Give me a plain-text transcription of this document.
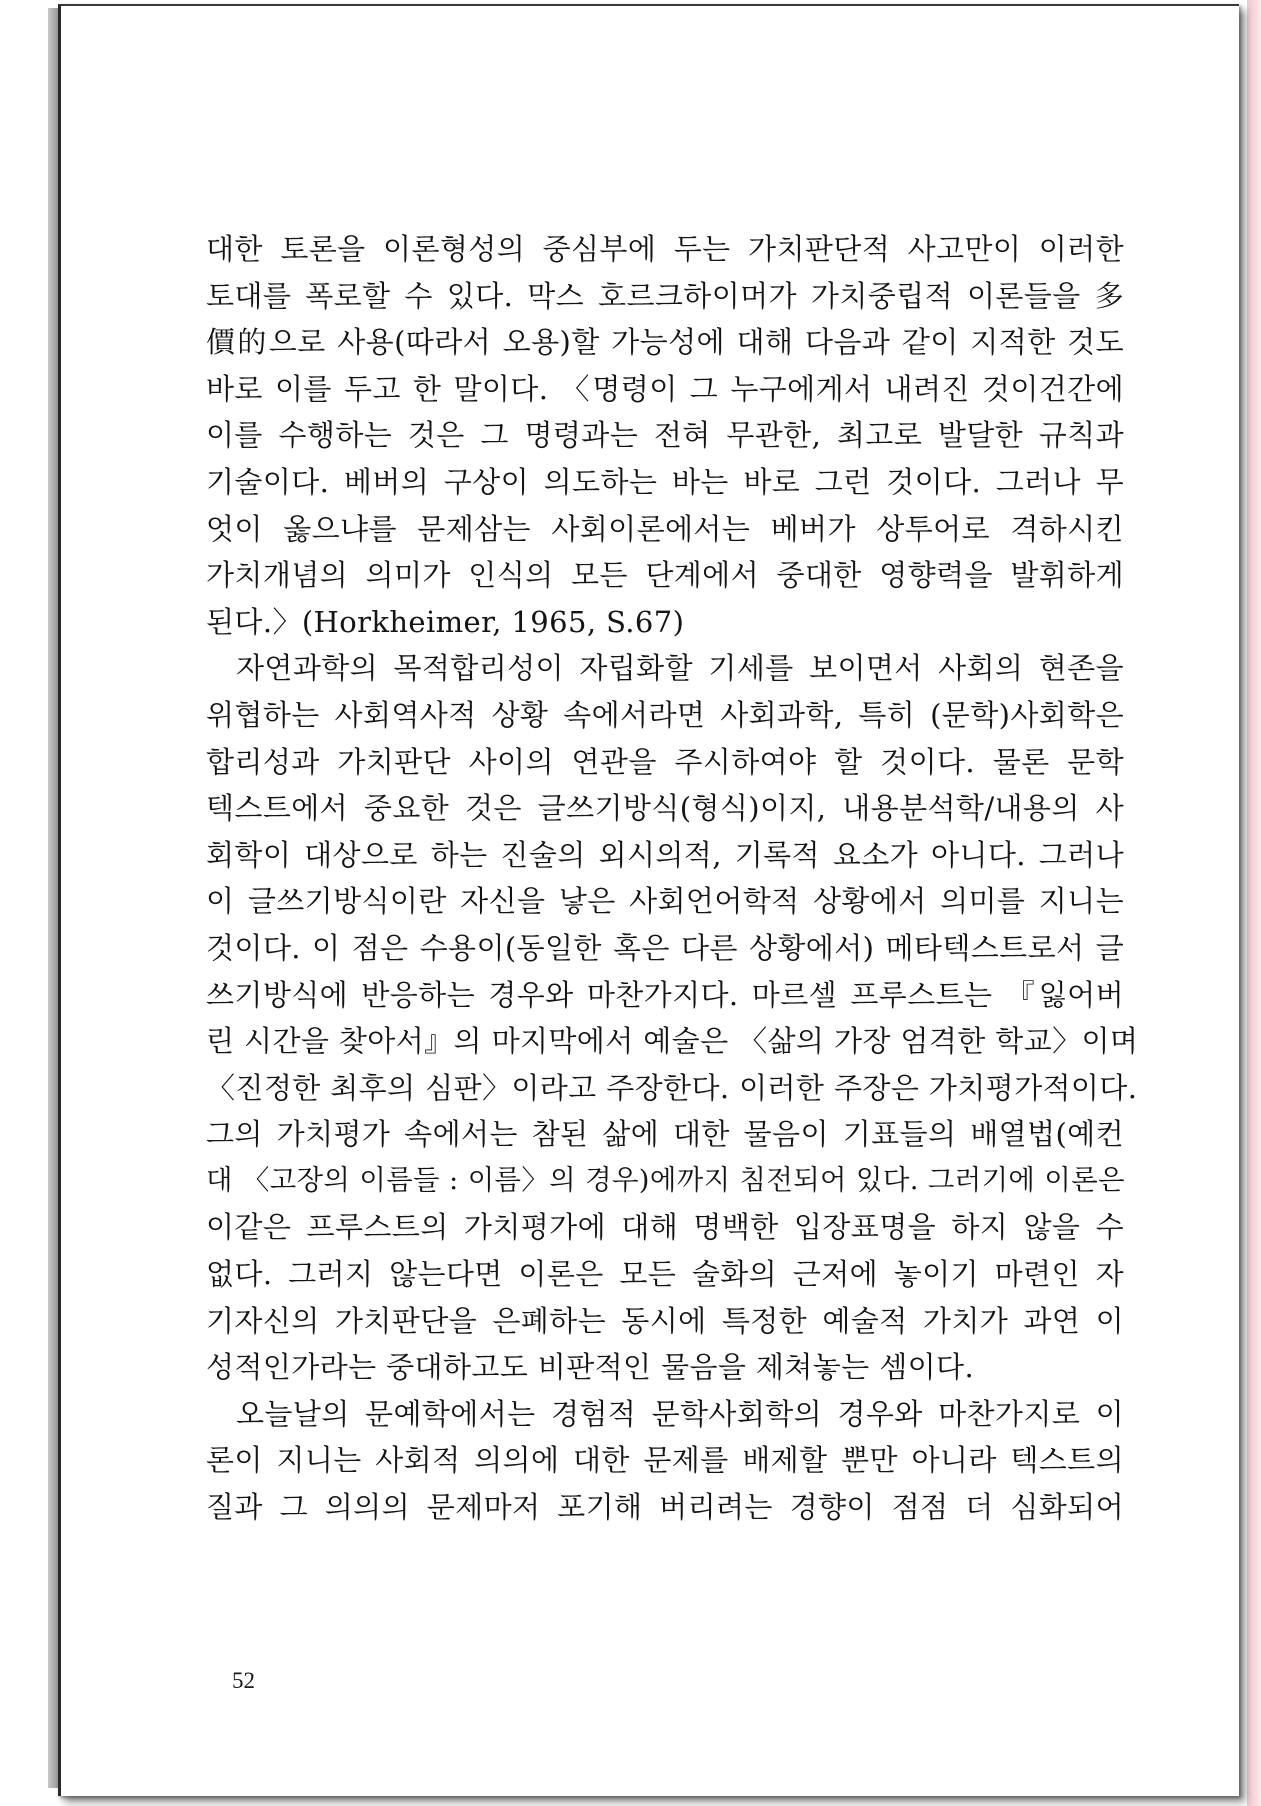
대한 토론을 이론형성의 중심부에 두는 가치판단적 사고만이 이러한
토대를 폭로할 수 있다. 막스 호르크하이머가 가치중립적 이론들을 多
價的으로 사용(따라서 오용)할 가능성에 대해 다음과 같이 지적한 것도
바로 이를 두고 한 말이다. 〈명령이 그 누구에게서 내려진 것이건간에
이를 수행하는 것은 그 명령과는 전혀 무관한, 최고로 발달한 규칙과
기술이다. 베버의 구상이 의도하는 바는 바로 그런 것이다. 그러나 무
엇이 옳으냐를 문제삼는 사회이론에서는 베버가 상투어로 격하시킨
가치개념의 의미가 인식의 모든 단계에서 중대한 영향력을 발휘하게
된다.〉(Horkheimer, 1965, S.67)
자연과학의 목적합리성이 자립화할 기세를 보이면서 사회의 현존을
위협하는 사회역사적 상황 속에서라면 사회과학, 특히 (문학)사회학은
합리성과 가치판단 사이의 연관을 주시하여야 할 것이다. 물론 문학
텍스트에서 중요한 것은 글쓰기방식(형식)이지, 내용분석학/내용의 사
회학이 대상으로 하는 진술의 외시의적, 기록적 요소가 아니다. 그러나
이 글쓰기방식이란 자신을 낳은 사회언어학적 상황에서 의미를 지니는
것이다. 이 점은 수용이(동일한 혹은 다른 상황에서) 메타텍스트로서 글
쓰기방식에 반응하는 경우와 마찬가지다. 마르셀 프루스트는 『잃어버
린 시간을 찾아서』의 마지막에서 예술은 〈삶의 가장 엄격한 학교〉이며
〈진정한 최후의 심판〉이라고 주장한다. 이러한 주장은 가치평가적이다.
그의 가치평가 속에서는 참된 삶에 대한 물음이 기표들의 배열법(예컨
대 〈고장의 이름들 : 이름〉의 경우)에까지 침전되어 있다. 그러기에 이론은
이같은 프루스트의 가치평가에 대해 명백한 입장표명을 하지 않을 수
없다. 그러지 않는다면 이론은 모든 술화의 근저에 놓이기 마련인 자
기자신의 가치판단을 은폐하는 동시에 특정한 예술적 가치가 과연 이
성적인가라는 중대하고도 비판적인 물음을 제쳐놓는 셈이다.
오늘날의 문예학에서는 경험적 문학사회학의 경우와 마찬가지로 이
론이 지니는 사회적 의의에 대한 문제를 배제할 뿐만 아니라 텍스트의
질과 그 의의의 문제마저 포기해 버리려는 경향이 점점 더 심화되어
52
